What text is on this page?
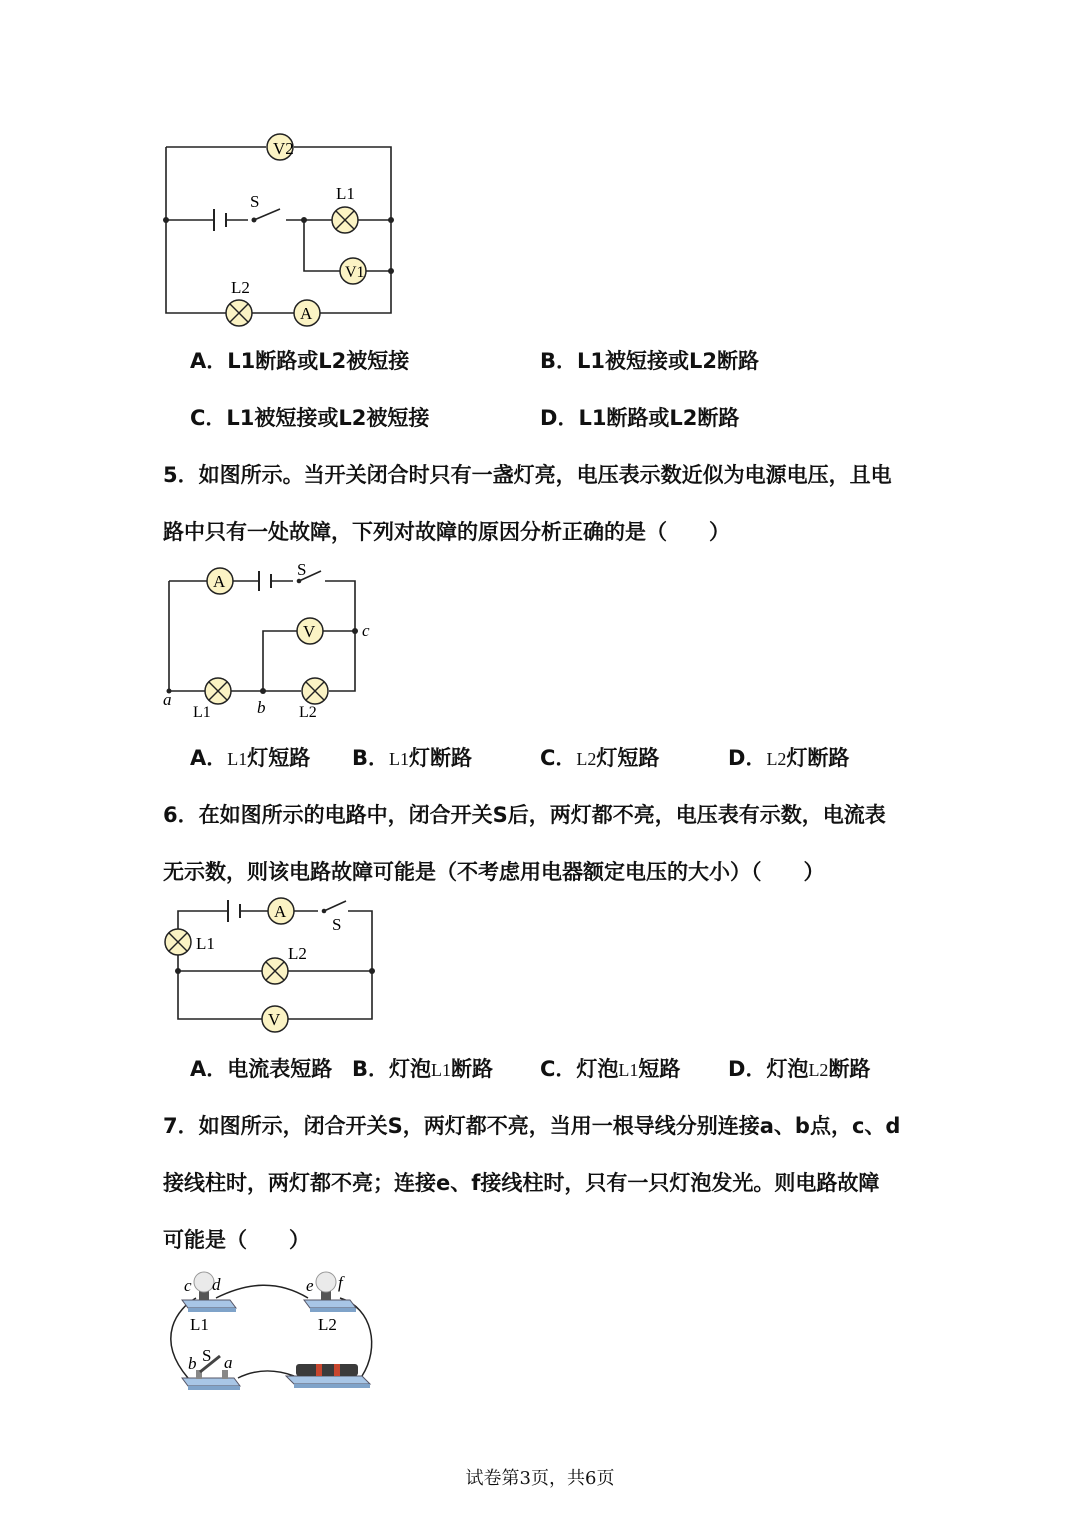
V2
L1
V1
S
L2
A
A．L1断路或L2被短接	B．L1被短接或L2断路
C．L1被短接或L2被短接	D．L1断路或L2断路
5．如图所示。当开关闭合时只有一盏灯亮，电压表示数近似为电源电压，且电
路中只有一处故障，下列对故障的原因分析正确的是（　　）
A
S
V	c
L1	L2
a	b
A．L1灯短路 B．L1灯断路	C．L2灯短路	D．L2灯断路
6．在如图所示的电路中，闭合开关S后，两灯都不亮，电压表有示数，电流表
无示数，则该电路故障可能是（不考虑用电器额定电压的大小）（　　）
A
S
L1
L2
V
A．电流表短路 B．灯泡L1断路 C．灯泡L1短路 D．灯泡L2断路
7．如图所示，闭合开关S，两灯都不亮，当用一根导线分别连接a、b点，c、d
接线柱时，两灯都不亮；连接e、f接线柱时，只有一只灯泡发光。则电路故障
可能是（　　）
c d
L1
e f
L2
b S a
试卷第3页，共6页
